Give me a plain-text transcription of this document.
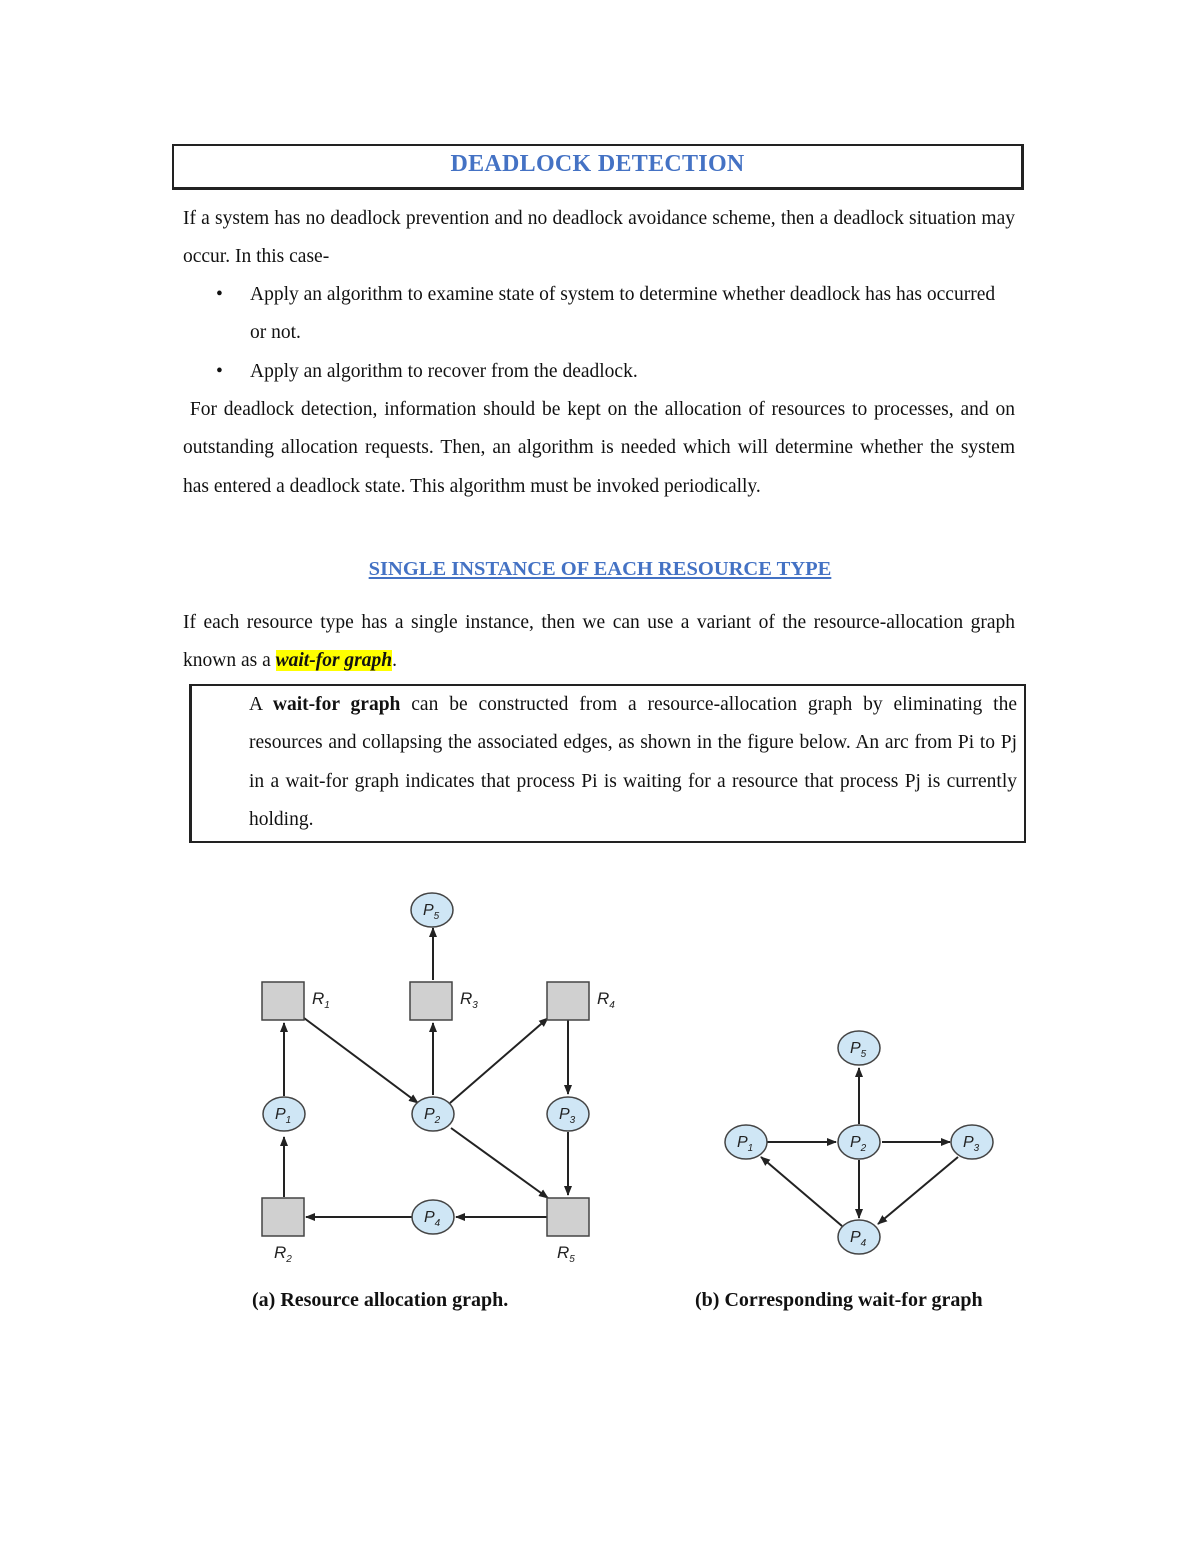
DEADLOCK DETECTION
If a system has no deadlock prevention and no deadlock avoidance scheme, then a deadlock situation may occur. In this case-
• Apply an algorithm to examine state of system to determine whether deadlock has has occurred or not.
• Apply an algorithm to recover from the deadlock.
For deadlock detection, information should be kept on the allocation of resources to processes, and on outstanding allocation requests. Then, an algorithm is needed which will determine whether the system has entered a deadlock state. This algorithm must be invoked periodically.
SINGLE INSTANCE OF EACH RESOURCE TYPE
If each resource type has a single instance, then we can use a variant of the resource-allocation graph known as a wait-for graph.
A wait-for graph can be constructed from a resource-allocation graph by eliminating the resources and collapsing the associated edges, as shown in the figure below. An arc from Pi to Pj in a wait-for graph indicates that process Pi is waiting for a resource that process Pj is currently holding.
$P_5$
$P_1$	$P_2$	$P_3$
$P_4$
$R_1$	$R_3$	$R_4$
$R_2$	$R_5$
$P_5$
$P_1$	$P_2$	$P_3$
$P_4$
(a) Resource allocation graph.	(b) Corresponding wait-for graph
